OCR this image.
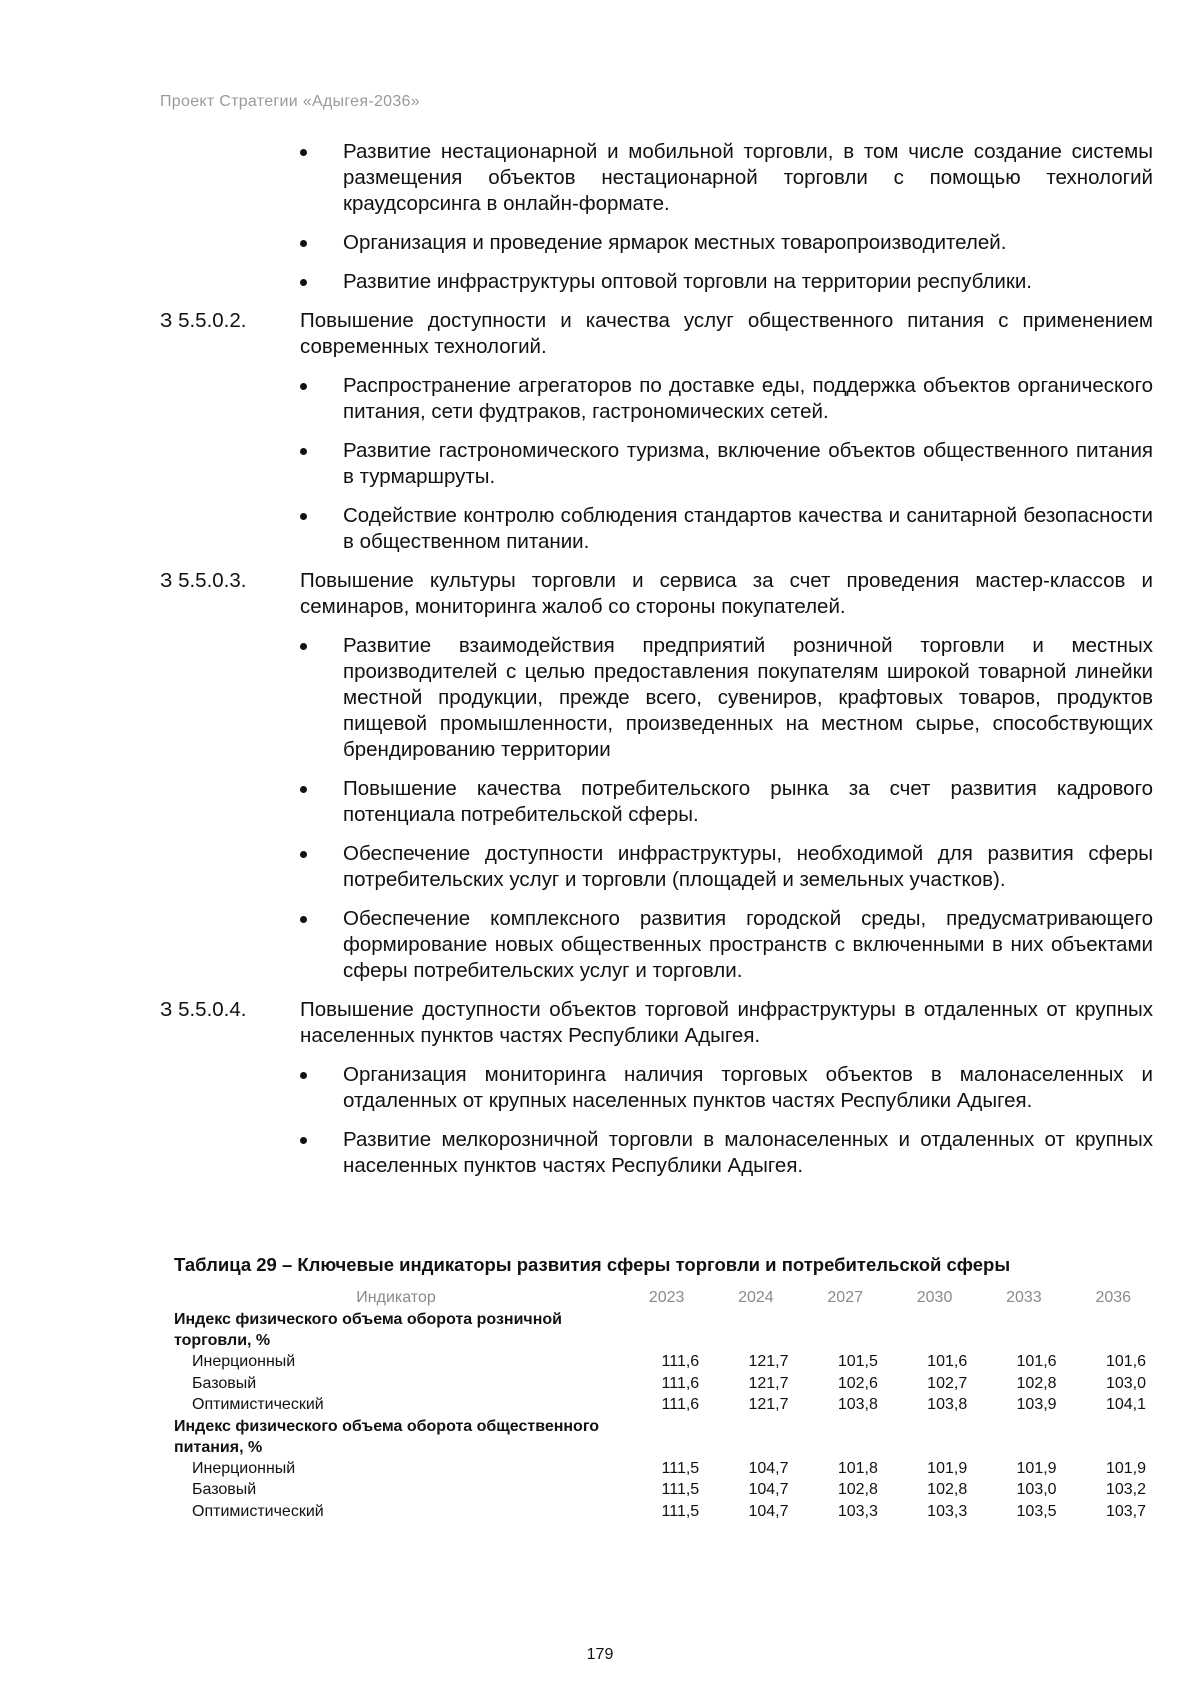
Проект Стратегии «Адыгея-2036»
Развитие нестационарной и мобильной торговли, в том числе создание системы размещения объектов нестационарной торговли с помощью технологий краудсорсинга в онлайн-формате.
Организация и проведение ярмарок местных товаропроизводителей.
Развитие инфраструктуры оптовой торговли на территории республики.
З 5.5.0.2.	Повышение доступности и качества услуг общественного питания с применением современных технологий.
Распространение агрегаторов по доставке еды, поддержка объектов органического питания, сети фудтраков, гастрономических сетей.
Развитие гастрономического туризма, включение объектов общественного питания в турмаршруты.
Содействие контролю соблюдения стандартов качества и санитарной безопасности в общественном питании.
З 5.5.0.3.	Повышение культуры торговли и сервиса за счет проведения мастер-классов и семинаров, мониторинга жалоб со стороны покупателей.
Развитие взаимодействия предприятий розничной торговли и местных производителей с целью предоставления покупателям широкой товарной линейки местной продукции, прежде всего, сувениров, крафтовых товаров, продуктов пищевой промышленности, произведенных на местном сырье, способствующих брендированию территории
Повышение качества потребительского рынка за счет развития кадрового потенциала потребительской сферы.
Обеспечение доступности инфраструктуры, необходимой для развития сферы потребительских услуг и торговли (площадей и земельных участков).
Обеспечение комплексного развития городской среды, предусматривающего формирование новых общественных пространств с включенными в них объектами сферы потребительских услуг и торговли.
З 5.5.0.4.	Повышение доступности объектов торговой инфраструктуры в отдаленных от крупных населенных пунктов частях Республики Адыгея.
Организация мониторинга наличия торговых объектов в малонаселенных и отдаленных от крупных населенных пунктов частях Республики Адыгея.
Развитие мелкорозничной торговли в малонаселенных и отдаленных от крупных населенных пунктов частях Республики Адыгея.
Таблица 29 – Ключевые индикаторы развития сферы торговли и потребительской сферы
Индикатор	2023	2024	2027	2030	2033	2036
Индекс физического объема оборота розничной торговли, %						
Инерционный	111,6	121,7	101,5	101,6	101,6	101,6
Базовый	111,6	121,7	102,6	102,7	102,8	103,0
Оптимистический	111,6	121,7	103,8	103,8	103,9	104,1
Индекс физического объема оборота общественного питания, %						
Инерционный	111,5	104,7	101,8	101,9	101,9	101,9
Базовый	111,5	104,7	102,8	102,8	103,0	103,2
Оптимистический	111,5	104,7	103,3	103,3	103,5	103,7
179
